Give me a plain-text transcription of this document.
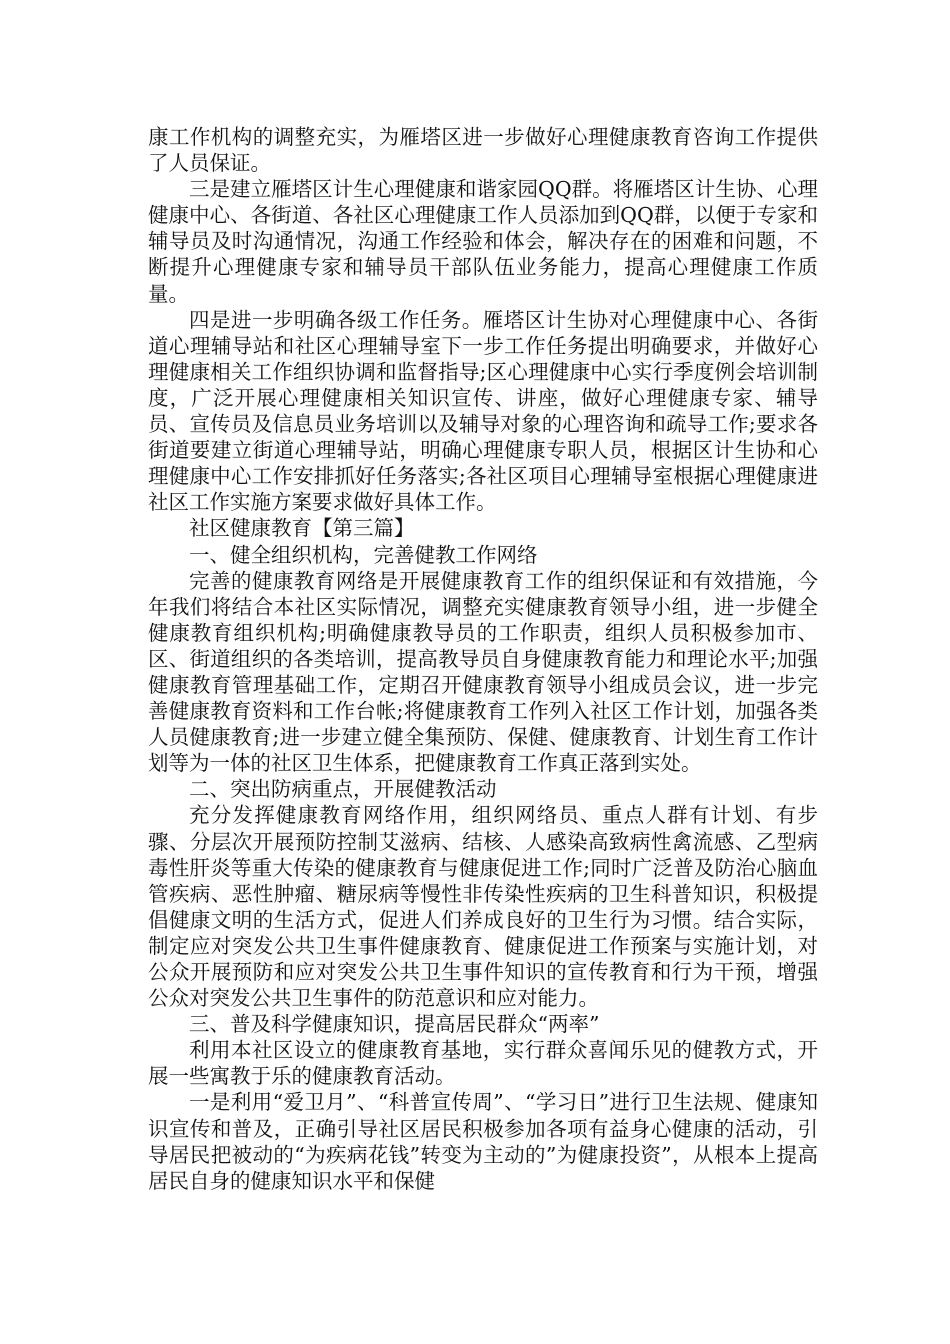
康工作机构的调整充实，为雁塔区进一步做好心理健康教育咨询工作提供了人员保证。

三是建立雁塔区计生心理健康和谐家园QQ群。将雁塔区计生协、心理健康中心、各街道、各社区心理健康工作人员添加到QQ群，以便于专家和辅导员及时沟通情况，沟通工作经验和体会，解决存在的困难和问题，不断提升心理健康专家和辅导员干部队伍业务能力，提高心理健康工作质量。

四是进一步明确各级工作任务。雁塔区计生协对心理健康中心、各街道心理辅导站和社区心理辅导室下一步工作任务提出明确要求，并做好心理健康相关工作组织协调和监督指导;区心理健康中心实行季度例会培训制度，广泛开展心理健康相关知识宣传、讲座，做好心理健康专家、辅导员、宣传员及信息员业务培训以及辅导对象的心理咨询和疏导工作;要求各街道要建立街道心理辅导站，明确心理健康专职人员，根据区计生协和心理健康中心工作安排抓好任务落实;各社区项目心理辅导室根据心理健康进社区工作实施方案要求做好具体工作。

社区健康教育【第三篇】

一、健全组织机构，完善健教工作网络

完善的健康教育网络是开展健康教育工作的组织保证和有效措施，今年我们将结合本社区实际情况，调整充实健康教育领导小组，进一步健全健康教育组织机构;明确健康教导员的工作职责，组织人员积极参加市、区、街道组织的各类培训，提高教导员自身健康教育能力和理论水平;加强健康教育管理基础工作，定期召开健康教育领导小组成员会议，进一步完善健康教育资料和工作台帐;将健康教育工作列入社区工作计划，加强各类人员健康教育;进一步建立健全集预防、保健、健康教育、计划生育工作计划等为一体的社区卫生体系，把健康教育工作真正落到实处。

二、突出防病重点，开展健教活动

充分发挥健康教育网络作用，组织网络员、重点人群有计划、有步骤、分层次开展预防控制艾滋病、结核、人感染高致病性禽流感、乙型病毒性肝炎等重大传染的健康教育与健康促进工作;同时广泛普及防治心脑血管疾病、恶性肿瘤、糖尿病等慢性非传染性疾病的卫生科普知识，积极提倡健康文明的生活方式，促进人们养成良好的卫生行为习惯。结合实际，制定应对突发公共卫生事件健康教育、健康促进工作预案与实施计划，对公众开展预防和应对突发公共卫生事件知识的宣传教育和行为干预，增强公众对突发公共卫生事件的防范意识和应对能力。

三、普及科学健康知识，提高居民群众“两率”

利用本社区设立的健康教育基地，实行群众喜闻乐见的健教方式，开展一些寓教于乐的健康教育活动。

一是利用“爱卫月”、“科普宣传周”、“学习日”进行卫生法规、健康知识宣传和普及，正确引导社区居民积极参加各项有益身心健康的活动，引导居民把被动的“为疾病花钱”转变为主动的”为健康投资”，从根本上提高居民自身的健康知识水平和保健
